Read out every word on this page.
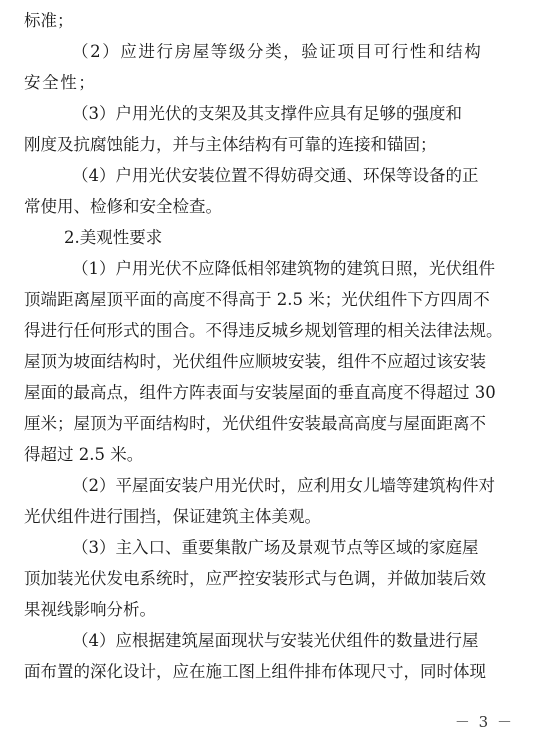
标准；
（2）应进行房屋等级分类，验证项目可行性和结构
安全性；
（3）户用光伏的支架及其支撑件应具有足够的强度和
刚度及抗腐蚀能力，并与主体结构有可靠的连接和锚固；
（4）户用光伏安装位置不得妨碍交通、环保等设备的正
常使用、检修和安全检查。
2.美观性要求
（1）户用光伏不应降低相邻建筑物的建筑日照，光伏组件
顶端距离屋顶平面的高度不得高于 2.5 米；光伏组件下方四周不
得进行任何形式的围合。不得违反城乡规划管理的相关法律法规。
屋顶为坡面结构时，光伏组件应顺坡安装，组件不应超过该安装
屋面的最高点，组件方阵表面与安装屋面的垂直高度不得超过 30
厘米；屋顶为平面结构时，光伏组件安装最高高度与屋面距离不
得超过 2.5 米。
（2）平屋面安装户用光伏时，应利用女儿墙等建筑构件对
光伏组件进行围挡，保证建筑主体美观。
（3）主入口、重要集散广场及景观节点等区域的家庭屋
顶加装光伏发电系统时，应严控安装形式与色调，并做加装后效
果视线影响分析。
（4）应根据建筑屋面现状与安装光伏组件的数量进行屋
面布置的深化设计，应在施工图上组件排布体现尺寸，同时体现
－ 3 －
